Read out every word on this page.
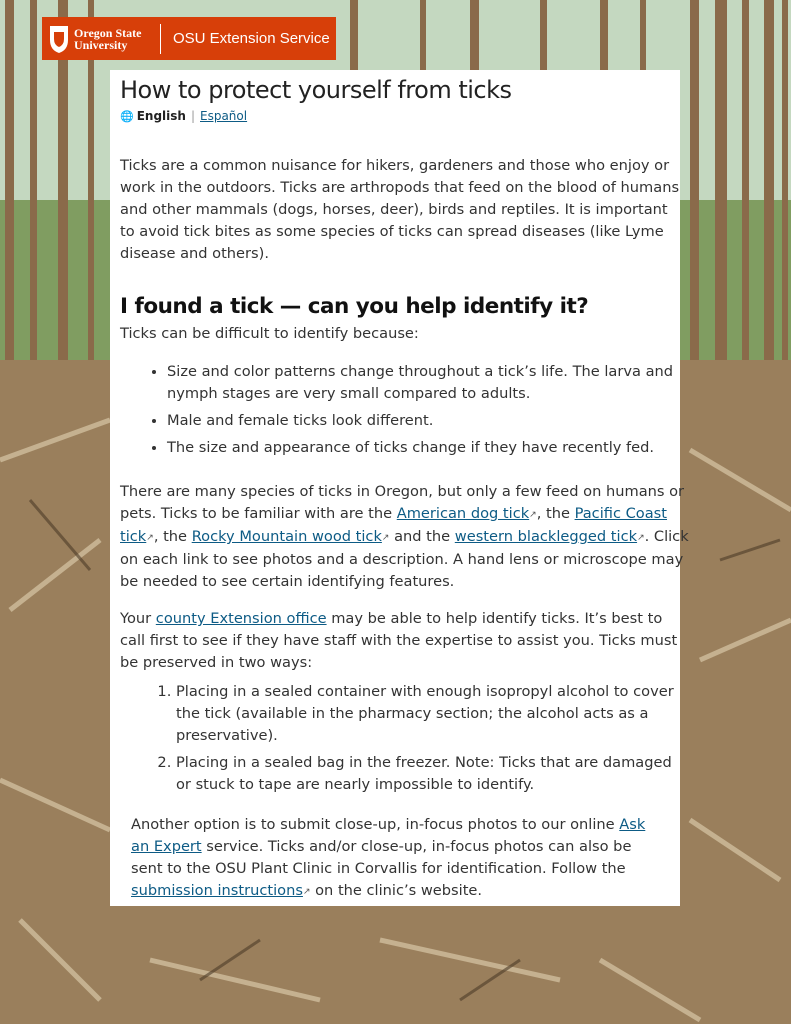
Oregon State
University	OSU Extension Service
How to protect yourself from ticks
🌐 English | Español

Ticks are a common nuisance for hikers, gardeners and those who enjoy or work in the outdoors. Ticks are arthropods that feed on the blood of humans and other mammals (dogs, horses, deer), birds and reptiles. It is important to avoid tick bites as some species of ticks can spread diseases (like Lyme disease and others).

I found a tick — can you help identify it?

Ticks can be difficult to identify because:

• Size and color patterns change throughout a tick’s life. The larva and nymph stages are very small compared to adults.
• Male and female ticks look different.
• The size and appearance of ticks change if they have recently fed.

There are many species of ticks in Oregon, but only a few feed on humans or pets. Ticks to be familiar with are the American dog tick↗, the Pacific Coast tick↗, the Rocky Mountain wood tick↗ and the western blacklegged tick↗. Click on each link to see photos and a description. A hand lens or microscope may be needed to see certain identifying features.

Your county Extension office may be able to help identify ticks. It’s best to call first to see if they have staff with the expertise to assist you. Ticks must be preserved in two ways:

1. Placing in a sealed container with enough isopropyl alcohol to cover the tick (available in the pharmacy section; the alcohol acts as a preservative).
2. Placing in a sealed bag in the freezer. Note: Ticks that are damaged or stuck to tape are nearly impossible to identify.

Another option is to submit close-up, in-focus photos to our online Ask an Expert service. Ticks and/or close-up, in-focus photos can also be sent to the OSU Plant Clinic in Corvallis for identification. Follow the submission instructions↗ on the clinic’s website.
